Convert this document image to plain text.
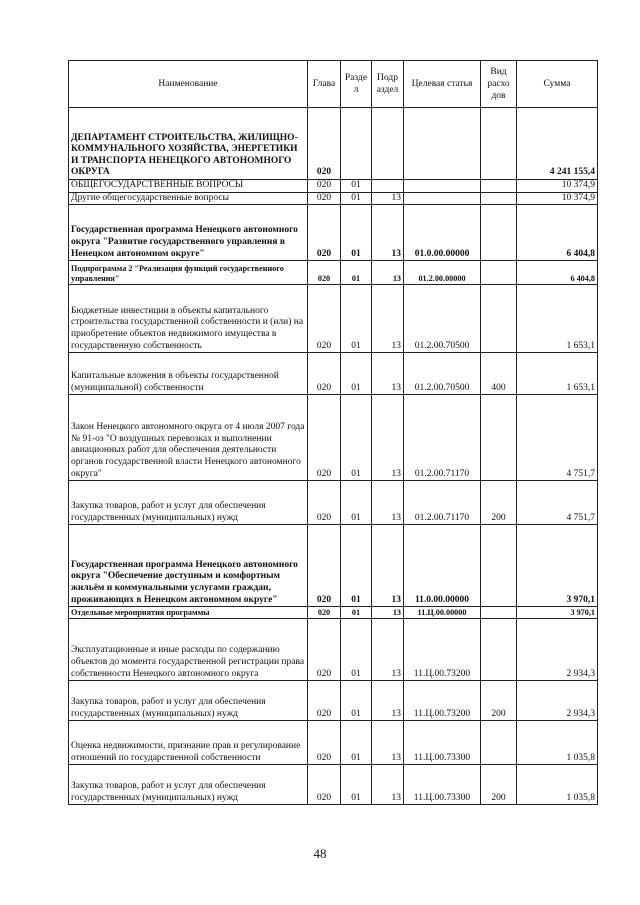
Наименование	Глава	Разде л	Подр аздел	Целевая статья	Вид расхо дов	Сумма
ДЕПАРТАМЕНТ СТРОИТЕЛЬСТВА, ЖИЛИЩНО-КОММУНАЛЬНОГО ХОЗЯЙСТВА, ЭНЕРГЕТИКИ И ТРАНСПОРТА НЕНЕЦКОГО АВТОНОМНОГО ОКРУГА	020					4 241 155,4
ОБЩЕГОСУДАРСТВЕННЫЕ ВОПРОСЫ	020	01				10 374,9
Другие общегосударственные вопросы	020	01	13			10 374,9
Государственная программа Ненецкого автономного округа "Развитие государственного управления в Ненецком автономном округе"	020	01	13	01.0.00.00000		6 404,8
Подпрограмма 2 "Реализация функций государственного управления"	020	01	13	01.2.00.00000		6 404,8
Бюджетные инвестиции в объекты капитального строительства государственной собственности и (или) на приобретение объектов недвижимого имущества в государственную собственность	020	01	13	01.2.00.70500		1 653,1
Капитальные вложения в объекты государственной (муниципальной) собственности	020	01	13	01.2.00.70500	400	1 653,1
Закон Ненецкого автономного округа от 4 июля 2007 года № 91-оз "О воздушных перевозках и выполнении авиационных работ для обеспечения деятельности органов государственной власти Ненецкого автономного округа"	020	01	13	01.2.00.71170		4 751,7
Закупка товаров, работ и услуг для обеспечения государственных (муниципальных) нужд	020	01	13	01.2.00.71170	200	4 751,7
Государственная программа Ненецкого автономного округа "Обеспечение доступным и комфортным жильём и коммунальными услугами граждан, проживающих в Ненецком автономном округе"	020	01	13	11.0.00.00000		3 970,1
Отдельные мероприятия программы	020	01	13	11.Ц.00.00000		3 970,1
Эксплуатационные и иные расходы по содержанию объектов до момента государственной регистрации права собственности Ненецкого автономного округа	020	01	13	11.Ц.00.73200		2 934,3
Закупка товаров, работ и услуг для обеспечения государственных (муниципальных) нужд	020	01	13	11.Ц.00.73200	200	2 934,3
Оценка недвижимости, признание прав и регулирование отношений по государственной собственности	020	01	13	11.Ц.00.73300		1 035,8
Закупка товаров, работ и услуг для обеспечения государственных (муниципальных) нужд	020	01	13	11.Ц.00.73300	200	1 035,8
48
